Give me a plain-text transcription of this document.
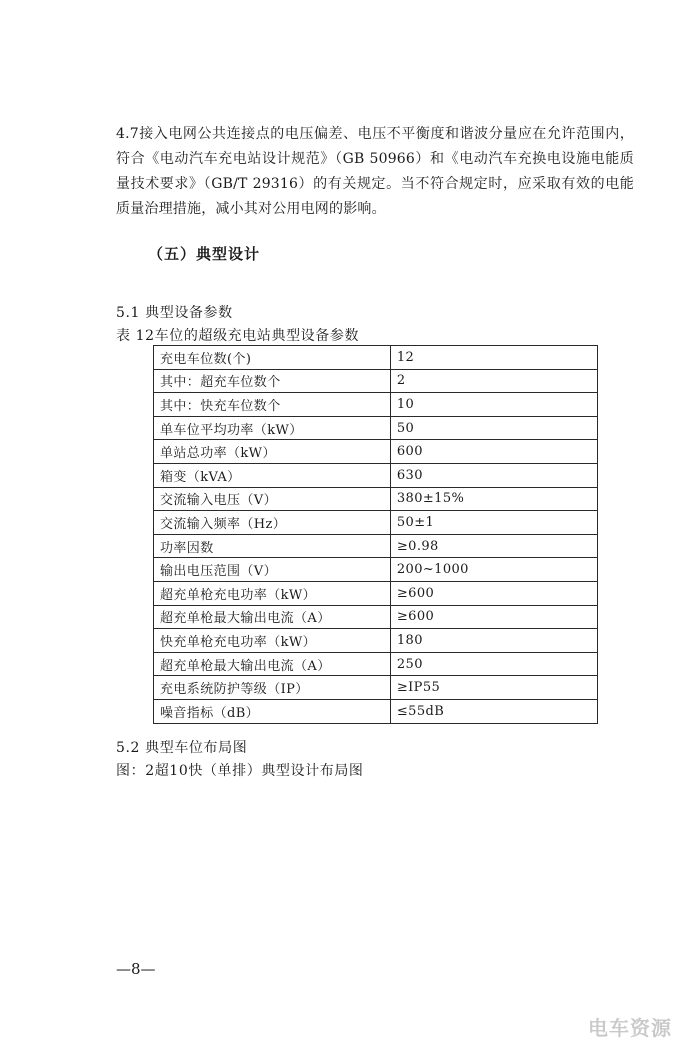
4.7接入电网公共连接点的电压偏差、电压不平衡度和谐波分量应在允许范围内，符合《电动汽车充电站设计规范》（GB 50966）和《电动汽车充换电设施电能质量技术要求》（GB/T 29316）的有关规定。当不符合规定时，应采取有效的电能质量治理措施，减小其对公用电网的影响。
（五）典型设计
5.1 典型设备参数
表 12车位的超级充电站典型设备参数
充电车位数(个)	12
其中：超充车位数个	2
其中：快充车位数个	10
单车位平均功率（kW）	50
单站总功率（kW）	600
箱变（kVA）	630
交流输入电压（V）	380±15%
交流输入频率（Hz）	50±1
功率因数	≥0.98
输出电压范围（V）	200~1000
超充单枪充电功率（kW）	≥600
超充单枪最大输出电流（A）	≥600
快充单枪充电功率（kW）	180
超充单枪最大输出电流（A）	250
充电系统防护等级（IP）	≥IP55
噪音指标（dB）	≤55dB
5.2 典型车位布局图
图：2超10快（单排）典型设计布局图
—8—
电车资源
